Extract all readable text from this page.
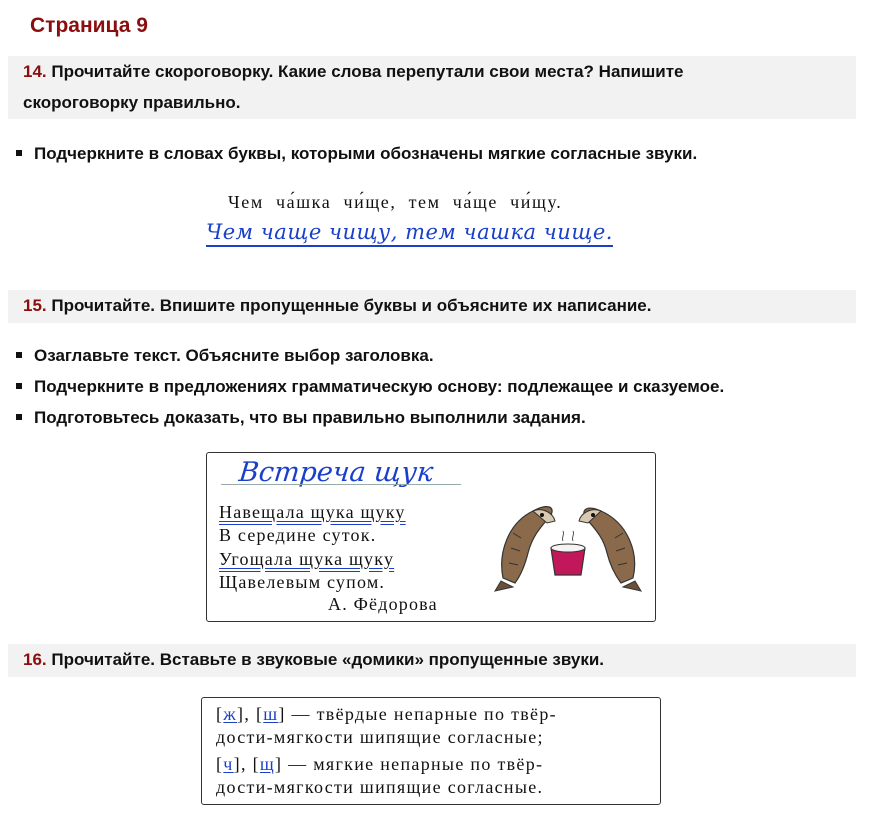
Страница 9
14. Прочитайте скороговорку. Какие слова перепутали свои места? Напишите
скороговорку правильно.
Подчеркните в словах буквы, которыми обозначены мягкие согласные звуки.
Чем ча́шка чи́ще, тем ча́ще чи́щу.
Чем чаще чищу, тем чашка чище.
15. Прочитайте. Впишите пропущенные буквы и объясните их написание.
Озаглавьте текст. Объясните выбор заголовка.
Подчеркните в предложениях грамматическую основу: подлежащее и сказуемое.
Подготовьтесь доказать, что вы правильно выполнили задания.
Встреча щук
Навещала щука щуку
В середине суток.
Угощала щука щуку
Щавелевым супом.
А. Фёдорова
16. Прочитайте. Вставьте в звуковые «домики» пропущенные звуки.
[ж], [ш] — твёрдые непарные по твёр-
дости-мягкости шипящие согласные;
[ч], [щ] — мягкие непарные по твёр-
дости-мягкости шипящие согласные.
